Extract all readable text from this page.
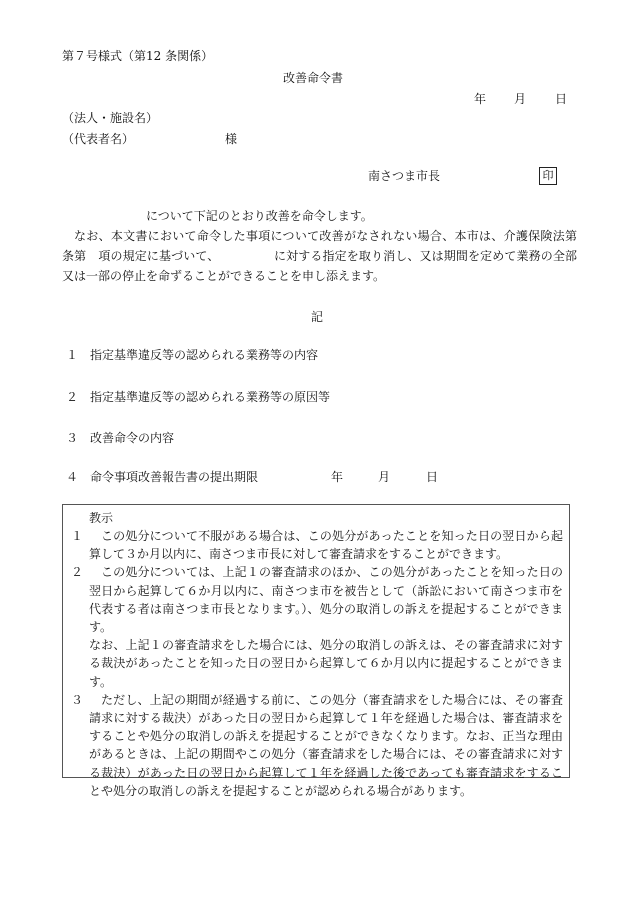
第７号様式（第12 条関係）
改善命令書
年 月 日
（法人・施設名）
（代表者名）	様
南さつま市長	印

について下記のとおり改善を命令します。

なお、本文書において命令した事項について改善がなされない場合、本市は、介護保険法第　条第　項の規定に基づいて、　　　　　に対する指定を取り消し、又は期間を定めて業務の全部又は一部の停止を命ずることができることを申し添えます。

記
１ 指定基準違反等の認められる業務等の内容
２ 指定基準違反等の認められる業務等の原因等
３ 改善命令の内容
４ 命令事項改善報告書の提出期限	年	月	日
教示
１	この処分について不服がある場合は、この処分があったことを知った日の翌日から起算して３か月以内に、南さつま市長に対して審査請求をすることができます。

２	この処分については、上記１の審査請求のほか、この処分があったことを知った日の翌日から起算して６か月以内に、南さつま市を被告として（訴訟において南さつま市を代表する者は南さつま市長となります。）、処分の取消しの訴えを提起することができます。

なお、上記１の審査請求をした場合には、処分の取消しの訴えは、その審査請求に対する裁決があったことを知った日の翌日から起算して６か月以内に提起することができます。

３	ただし、上記の期間が経過する前に、この処分（審査請求をした場合には、その審査請求に対する裁決）があった日の翌日から起算して１年を経過した場合は、審査請求をすることや処分の取消しの訴えを提起することができなくなります。なお、正当な理由があるときは、上記の期間やこの処分（審査請求をした場合には、その審査請求に対する裁決）があった日の翌日から起算して１年を経過した後であっても審査請求をすることや処分の取消しの訴えを提起することが認められる場合があります。
